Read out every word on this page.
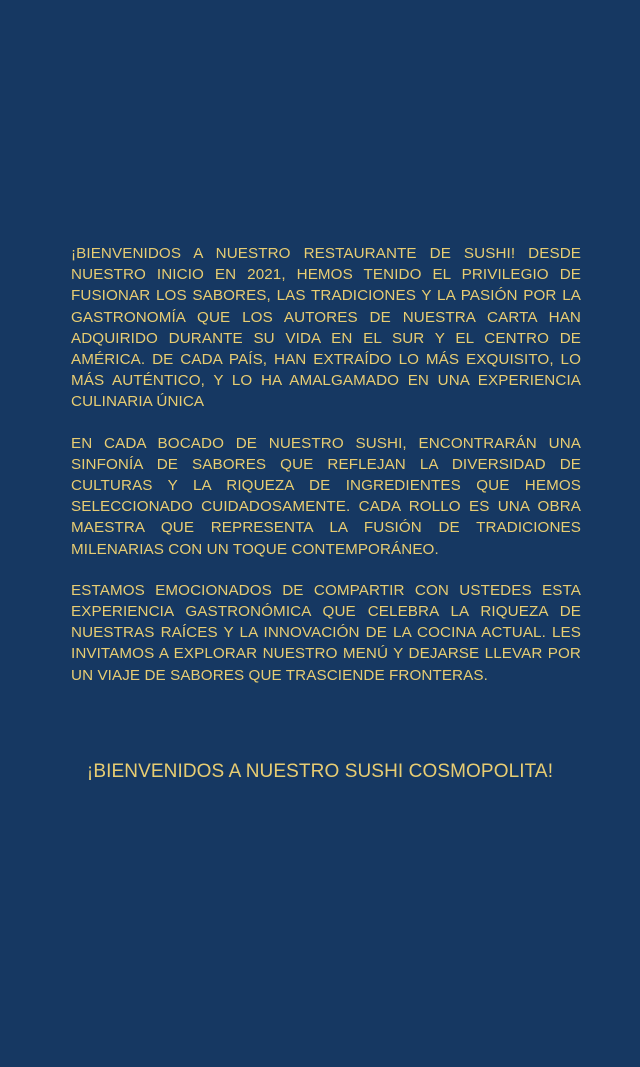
¡BIENVENIDOS A NUESTRO RESTAURANTE DE SUSHI! DESDE NUESTRO INICIO EN 2021, HEMOS TENIDO EL PRIVILEGIO DE FUSIONAR LOS SABORES, LAS TRADICIONES Y LA PASIÓN POR LA GASTRONOMÍA QUE LOS AUTORES DE NUESTRA CARTA HAN ADQUIRIDO DURANTE SU VIDA EN EL SUR Y EL CENTRO DE AMÉRICA. DE CADA PAÍS, HAN EXTRAÍDO LO MÁS EXQUISITO, LO MÁS AUTÉNTICO, Y LO HA AMALGAMADO EN UNA EXPERIENCIA CULINARIA ÚNICA

EN CADA BOCADO DE NUESTRO SUSHI, ENCONTRARÁN UNA SINFONÍA DE SABORES QUE REFLEJAN LA DIVERSIDAD DE CULTURAS Y LA RIQUEZA DE INGREDIENTES QUE HEMOS SELECCIONADO CUIDADOSAMENTE. CADA ROLLO ES UNA OBRA MAESTRA QUE REPRESENTA LA FUSIÓN DE TRADICIONES MILENARIAS CON UN TOQUE CONTEMPORÁNEO.

ESTAMOS EMOCIONADOS DE COMPARTIR CON USTEDES ESTA EXPERIENCIA GASTRONÓMICA QUE CELEBRA LA RIQUEZA DE NUESTRAS RAÍCES Y LA INNOVACIÓN DE LA COCINA ACTUAL. LES INVITAMOS A EXPLORAR NUESTRO MENÚ Y DEJARSE LLEVAR POR UN VIAJE DE SABORES QUE TRASCIENDE FRONTERAS.

¡BIENVENIDOS A NUESTRO SUSHI COSMOPOLITA!
